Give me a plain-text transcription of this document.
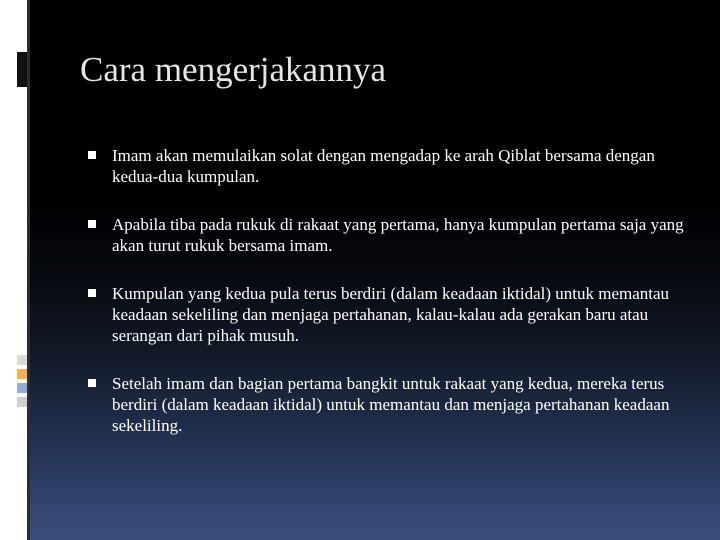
Cara mengerjakannya
Imam akan memulaikan solat dengan mengadap ke arah Qiblat bersama dengan kedua-dua kumpulan.
Apabila tiba pada rukuk di rakaat yang pertama, hanya kumpulan pertama saja yang akan turut rukuk bersama imam.
Kumpulan yang kedua pula terus berdiri (dalam keadaan iktidal) untuk memantau keadaan sekeliling dan menjaga pertahanan, kalau-kalau ada gerakan baru atau serangan dari pihak musuh.
Setelah imam dan bagian pertama bangkit untuk rakaat yang kedua, mereka terus berdiri (dalam keadaan iktidal) untuk memantau dan menjaga pertahanan keadaan sekeliling.
